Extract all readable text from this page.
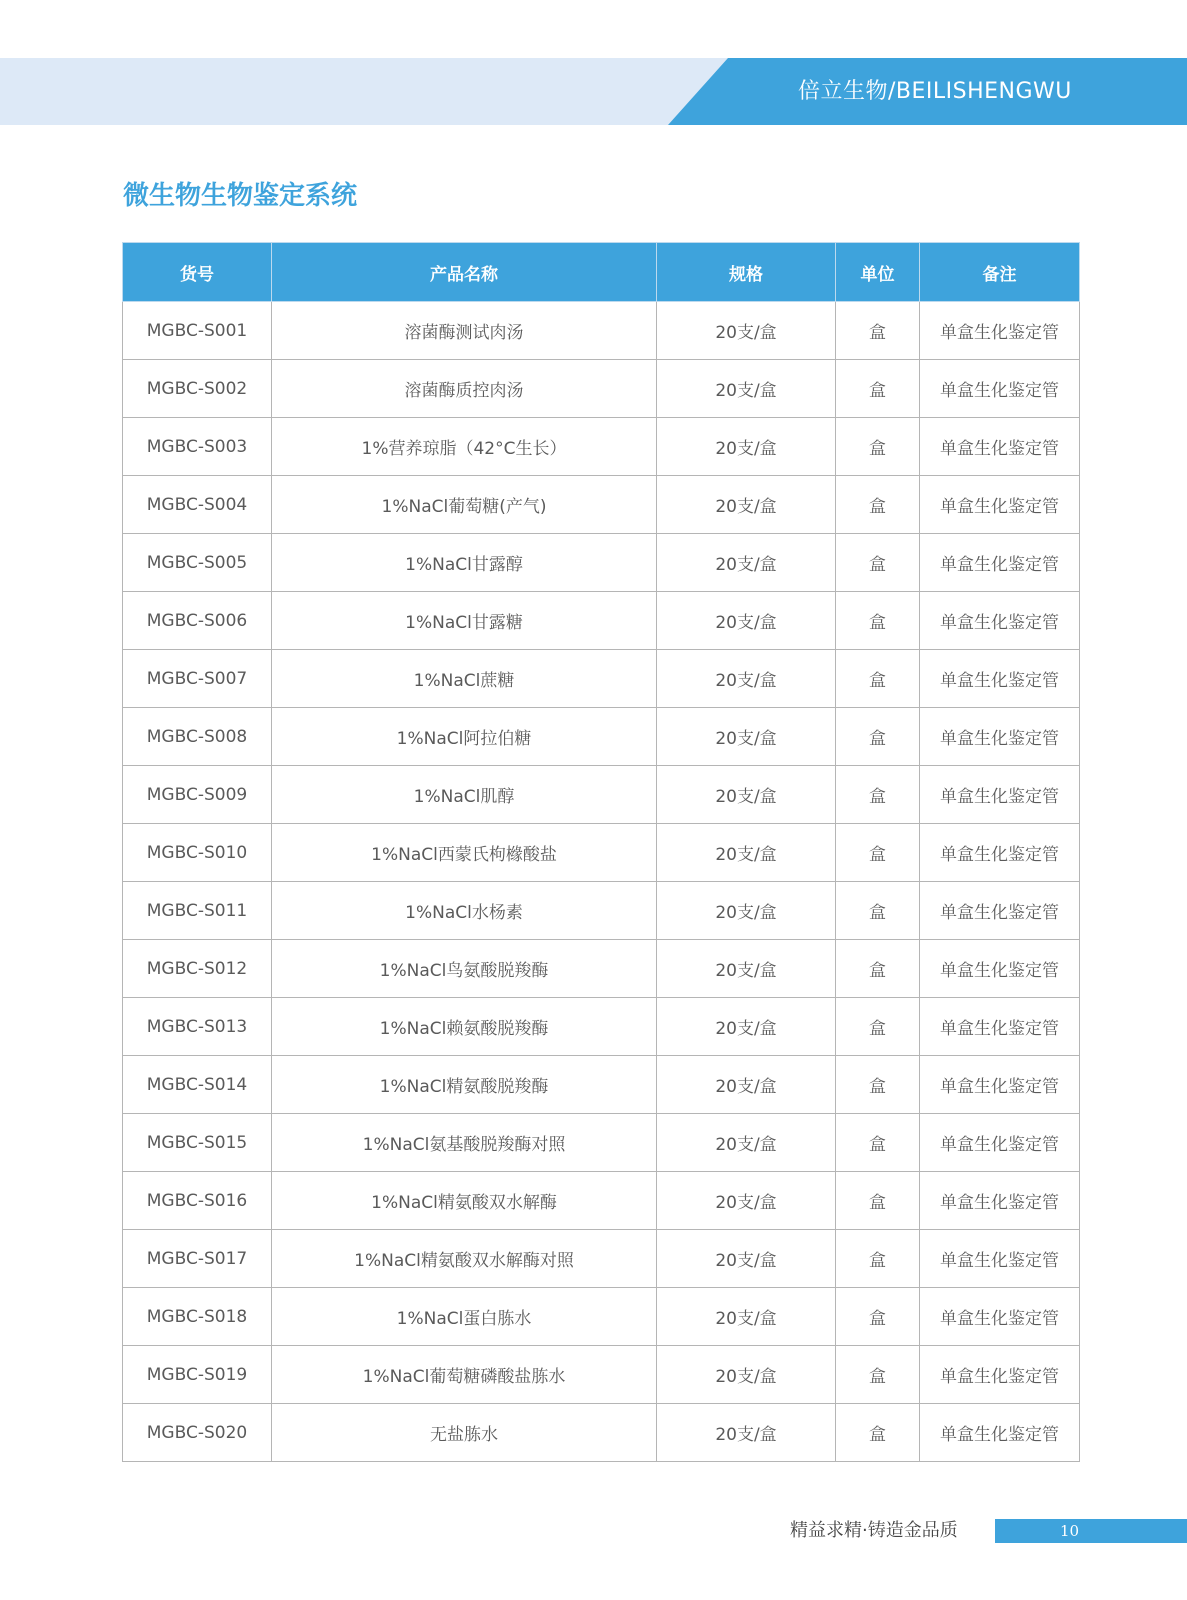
倍立生物/BEILISHENGWU
微生物生物鉴定系统
货号	产品名称	规格	单位	备注
MGBC-S001	溶菌酶测试肉汤	20支/盒	盒	单盒生化鉴定管
MGBC-S002	溶菌酶质控肉汤	20支/盒	盒	单盒生化鉴定管
MGBC-S003	1%营养琼脂（42°C生长）	20支/盒	盒	单盒生化鉴定管
MGBC-S004	1%NaCl葡萄糖(产气)	20支/盒	盒	单盒生化鉴定管
MGBC-S005	1%NaCl甘露醇	20支/盒	盒	单盒生化鉴定管
MGBC-S006	1%NaCl甘露糖	20支/盒	盒	单盒生化鉴定管
MGBC-S007	1%NaCl蔗糖	20支/盒	盒	单盒生化鉴定管
MGBC-S008	1%NaCl阿拉伯糖	20支/盒	盒	单盒生化鉴定管
MGBC-S009	1%NaCl肌醇	20支/盒	盒	单盒生化鉴定管
MGBC-S010	1%NaCl西蒙氏枸橼酸盐	20支/盒	盒	单盒生化鉴定管
MGBC-S011	1%NaCl水杨素	20支/盒	盒	单盒生化鉴定管
MGBC-S012	1%NaCl鸟氨酸脱羧酶	20支/盒	盒	单盒生化鉴定管
MGBC-S013	1%NaCl赖氨酸脱羧酶	20支/盒	盒	单盒生化鉴定管
MGBC-S014	1%NaCl精氨酸脱羧酶	20支/盒	盒	单盒生化鉴定管
MGBC-S015	1%NaCl氨基酸脱羧酶对照	20支/盒	盒	单盒生化鉴定管
MGBC-S016	1%NaCl精氨酸双水解酶	20支/盒	盒	单盒生化鉴定管
MGBC-S017	1%NaCl精氨酸双水解酶对照	20支/盒	盒	单盒生化鉴定管
MGBC-S018	1%NaCl蛋白胨水	20支/盒	盒	单盒生化鉴定管
MGBC-S019	1%NaCl葡萄糖磷酸盐胨水	20支/盒	盒	单盒生化鉴定管
MGBC-S020	无盐胨水	20支/盒	盒	单盒生化鉴定管
精益求精·铸造金品质	10
